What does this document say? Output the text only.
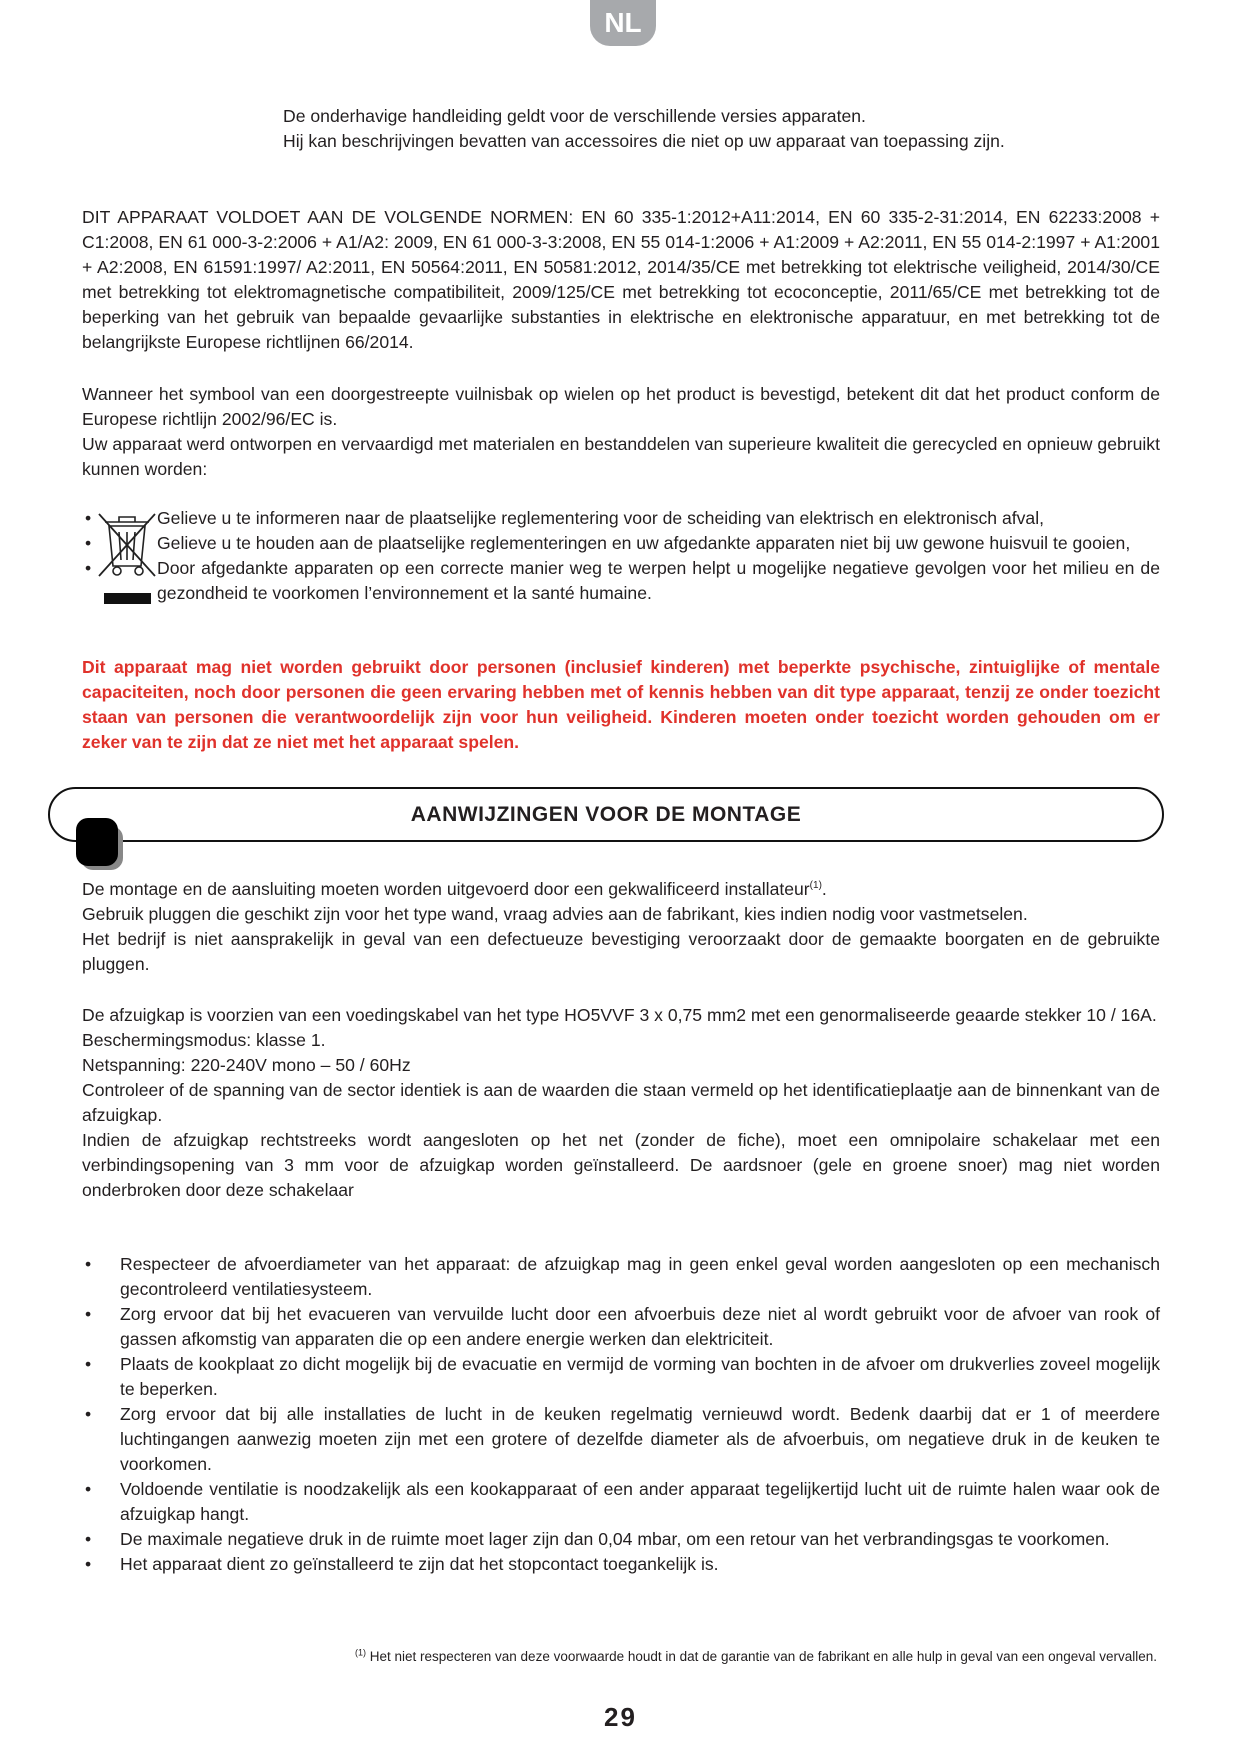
NL
De onderhavige handleiding geldt voor de verschillende versies apparaten.
Hij kan beschrijvingen bevatten van accessoires die niet op uw apparaat van toepassing zijn.
DIT APPARAAT VOLDOET AAN DE VOLGENDE NORMEN: EN 60 335-1:2012+A11:2014, EN 60 335-2-31:2014, EN 62233:2008 + C1:2008, EN 61 000-3-2:2006 + A1/A2: 2009, EN 61 000-3-3:2008, EN 55 014-1:2006 + A1:2009 + A2:2011, EN 55 014-2:1997 + A1:2001 + A2:2008, EN 61591:1997/ A2:2011, EN 50564:2011, EN 50581:2012, 2014/35/CE met betrekking tot elektrische veiligheid, 2014/30/CE met betrekking tot elektromagnetische compatibiliteit, 2009/125/CE met betrekking tot ecoconceptie, 2011/65/CE met betrekking tot de beperking van het gebruik van bepaalde gevaarlijke substanties in elektrische en elektronische apparatuur, en met betrekking tot de belangrijkste Europese richtlijnen 66/2014.
Wanneer het symbool van een doorgestreepte vuilnisbak op wielen op het product is bevestigd, betekent dit dat het product conform de Europese richtlijn 2002/96/EC is.
Uw apparaat werd ontworpen en vervaardigd met materialen en bestanddelen van superieure kwaliteit die gerecycled en opnieuw gebruikt kunnen worden:
•	Gelieve u te informeren naar de plaatselijke reglementering voor de scheiding van elektrisch en elektronisch afval,
•	Gelieve u te houden aan de plaatselijke reglementeringen en uw afgedankte apparaten niet bij uw gewone huisvuil te gooien,
•	Door afgedankte apparaten op een correcte manier weg te werpen helpt u mogelijke negatieve gevolgen voor het milieu en de gezondheid te voorkomen l’environnement et la santé humaine.
Dit apparaat mag niet worden gebruikt door personen (inclusief kinderen) met beperkte psychische, zintuiglijke of mentale capaciteiten, noch door personen die geen ervaring hebben met of kennis hebben van dit type apparaat, tenzij ze onder toezicht staan van personen die verantwoordelijk zijn voor hun veiligheid. Kinderen moeten onder toezicht worden gehouden om er zeker van te zijn dat ze niet met het apparaat spelen.
AANWIJZINGEN VOOR DE MONTAGE
De montage en de aansluiting moeten worden uitgevoerd door een gekwalificeerd installateur$^{(1)}$.
Gebruik pluggen die geschikt zijn voor het type wand, vraag advies aan de fabrikant, kies indien nodig voor vastmetselen.
Het bedrijf is niet aansprakelijk in geval van een defectueuze bevestiging veroorzaakt door de gemaakte boorgaten en de gebruikte pluggen.
De afzuigkap is voorzien van een voedingskabel van het type HO5VVF 3 x 0,75 mm2 met een genormaliseerde geaarde stekker 10 / 16A.
Beschermingsmodus: klasse 1.
Netspanning: 220-240V mono – 50 / 60Hz
Controleer of de spanning van de sector identiek is aan de waarden die staan vermeld op het identificatieplaatje aan de binnenkant van de afzuigkap.
Indien de afzuigkap rechtstreeks wordt aangesloten op het net (zonder de fiche), moet een omnipolaire schakelaar met een verbindingsopening van 3 mm voor de afzuigkap worden geïnstalleerd. De aardsnoer (gele en groene snoer) mag niet worden onderbroken door deze schakelaar
• Respecteer de afvoerdiameter van het apparaat: de afzuigkap mag in geen enkel geval worden aangesloten op een mechanisch gecontroleerd ventilatiesysteem.
• Zorg ervoor dat bij het evacueren van vervuilde lucht door een afvoerbuis deze niet al wordt gebruikt voor de afvoer van rook of gassen afkomstig van apparaten die op een andere energie werken dan elektriciteit.
• Plaats de kookplaat zo dicht mogelijk bij de evacuatie en vermijd de vorming van bochten in de afvoer om drukverlies zoveel mogelijk te beperken.
• Zorg ervoor dat bij alle installaties de lucht in de keuken regelmatig vernieuwd wordt. Bedenk daarbij dat er 1 of meerdere luchtingangen aanwezig moeten zijn met een grotere of dezelfde diameter als de afvoerbuis, om negatieve druk in de keuken te voorkomen.
• Voldoende ventilatie is noodzakelijk als een kookapparaat of een ander apparaat tegelijkertijd lucht uit de ruimte halen waar ook de afzuigkap hangt.
• De maximale negatieve druk in de ruimte moet lager zijn dan 0,04 mbar, om een retour van het verbrandingsgas te voorkomen.
• Het apparaat dient zo geïnstalleerd te zijn dat het stopcontact toegankelijk is.
$^{(1)}$ Het niet respecteren van deze voorwaarde houdt in dat de garantie van de fabrikant en alle hulp in geval van een ongeval vervallen.
29
